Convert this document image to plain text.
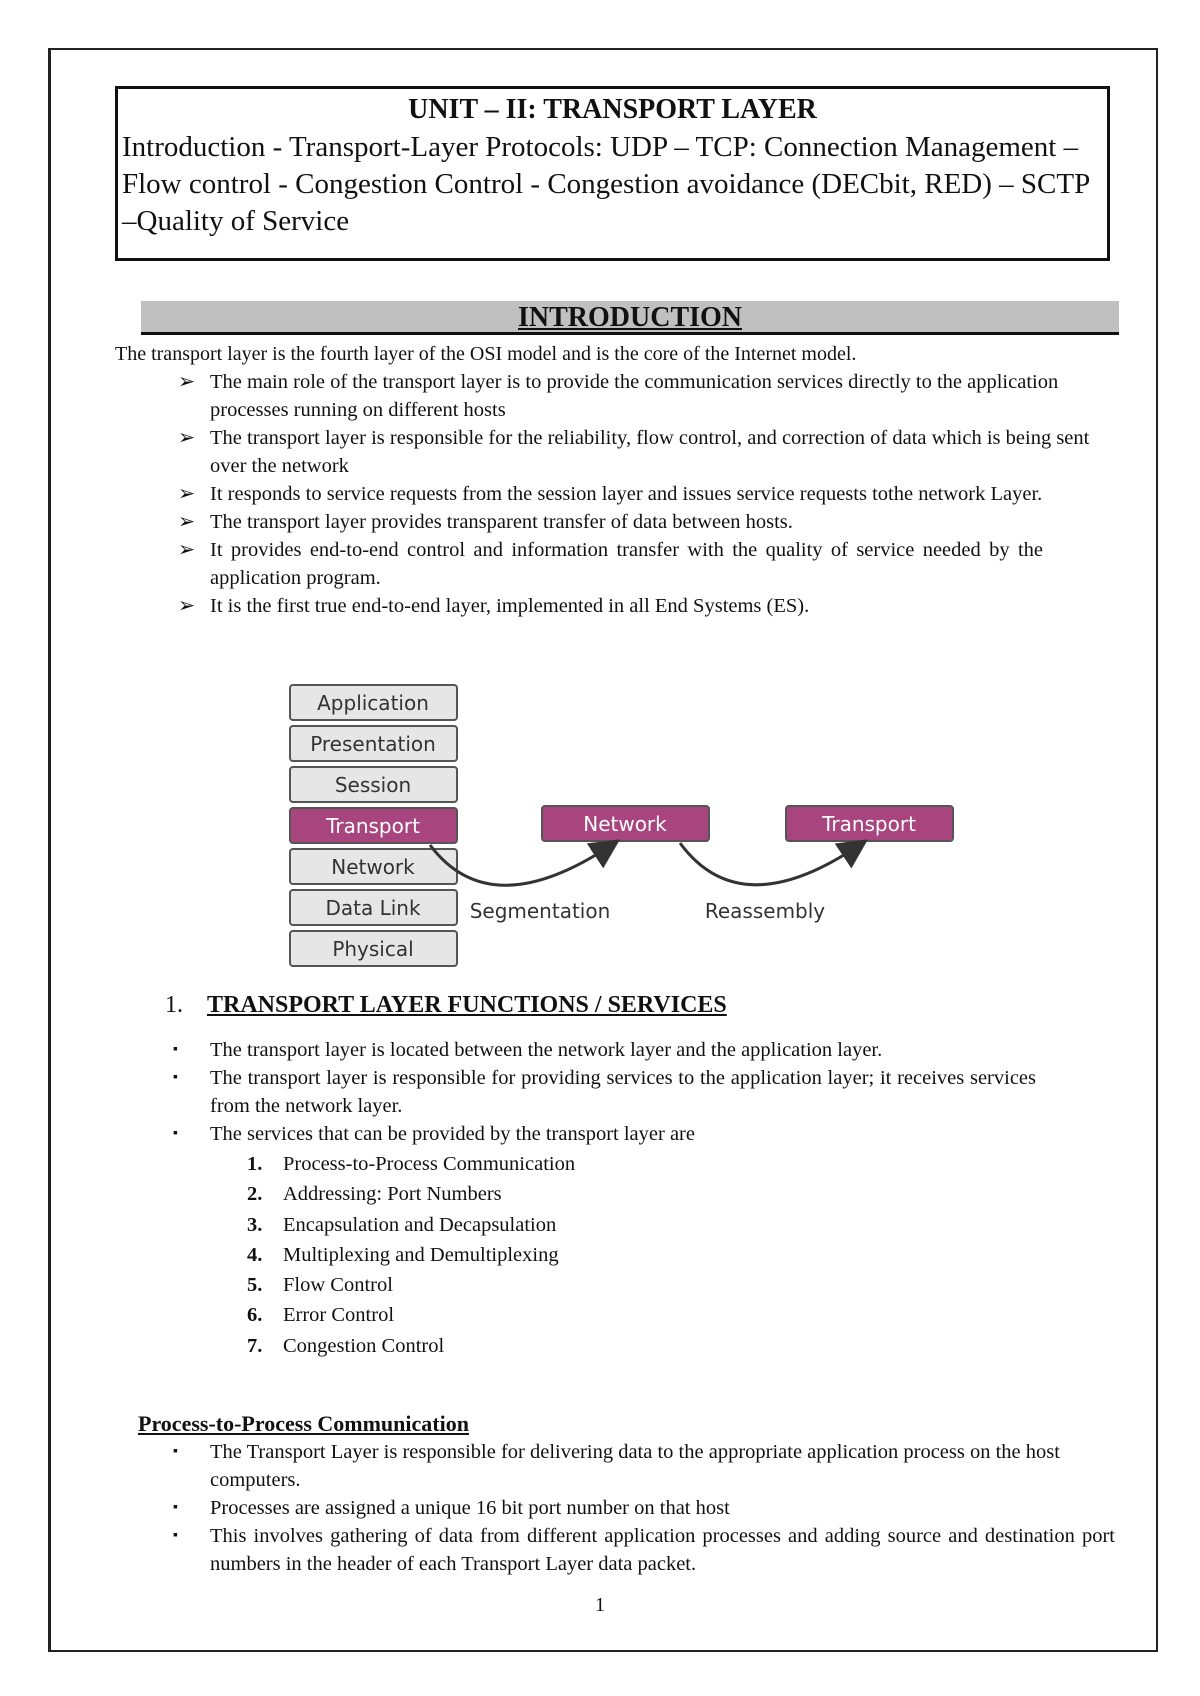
UNIT – II: TRANSPORT LAYER
Introduction - Transport-Layer Protocols: UDP – TCP: Connection Management – Flow control - Congestion Control - Congestion avoidance (DECbit, RED) – SCTP –Quality of Service
INTRODUCTION
The transport layer is the fourth layer of the OSI model and is the core of the Internet model.
➢ The main role of the transport layer is to provide the communication services directly to the application processes running on different hosts
➢ The transport layer is responsible for the reliability, flow control, and correction of data which is being sent over the network
➢ It responds to service requests from the session layer and issues service requests tothe network Layer.
➢ The transport layer provides transparent transfer of data between hosts.
➢ It provides end-to-end control and information transfer with the quality of service needed by the application program.
➢ It is the first true end-to-end layer, implemented in all End Systems (ES).
Application
Presentation
Session
Transport
Network
Data Link
Physical
Network	Transport
Segmentation	Reassembly
1. TRANSPORT LAYER FUNCTIONS / SERVICES
▪ The transport layer is located between the network layer and the application layer.
▪ The transport layer is responsible for providing services to the application layer; it receives services from the network layer.
▪ The services that can be provided by the transport layer are
1. Process-to-Process Communication
2. Addressing: Port Numbers
3. Encapsulation and Decapsulation
4. Multiplexing and Demultiplexing
5. Flow Control
6. Error Control
7. Congestion Control
Process-to-Process Communication
▪ The Transport Layer is responsible for delivering data to the appropriate application process on the host computers.
▪ Processes are assigned a unique 16 bit port number on that host
▪ This involves gathering of data from different application processes and adding source and destination port numbers in the header of each Transport Layer data packet.
1
